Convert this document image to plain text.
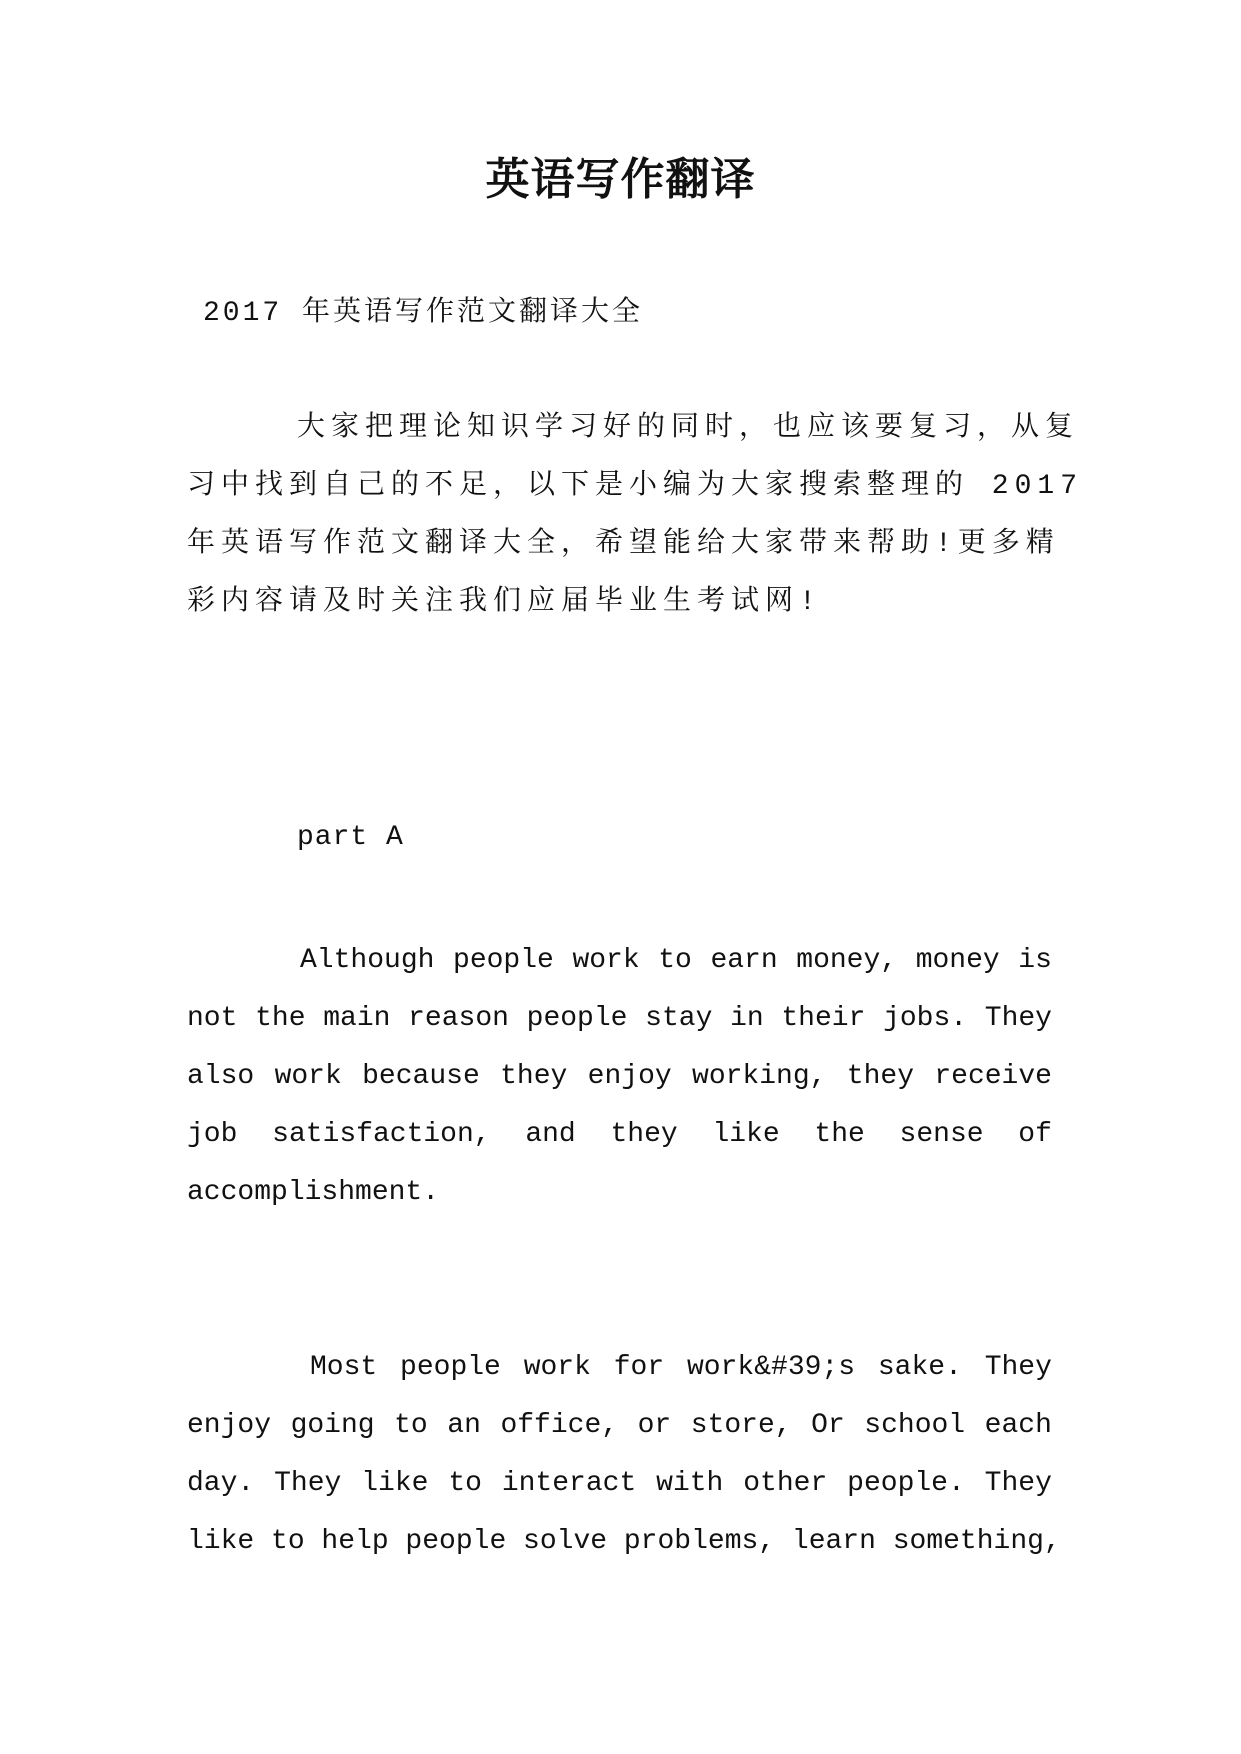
英语写作翻译
2017 年英语写作范文翻译大全
大家把理论知识学习好的同时，也应该要复习，从复
习中找到自己的不足，以下是小编为大家搜索整理的 2017
年英语写作范文翻译大全，希望能给大家带来帮助!更多精
彩内容请及时关注我们应届毕业生考试网!
part A
Although people work to earn money, money is
not the main reason people stay in their jobs. They
also work because they enjoy working, they receive
job satisfaction, and they like the sense of
accomplishment.
Most people work for work&#39;s sake. They
enjoy going to an office, or store, Or school each
day. They like to interact with other people. They
like to help people solve problems, learn something,
